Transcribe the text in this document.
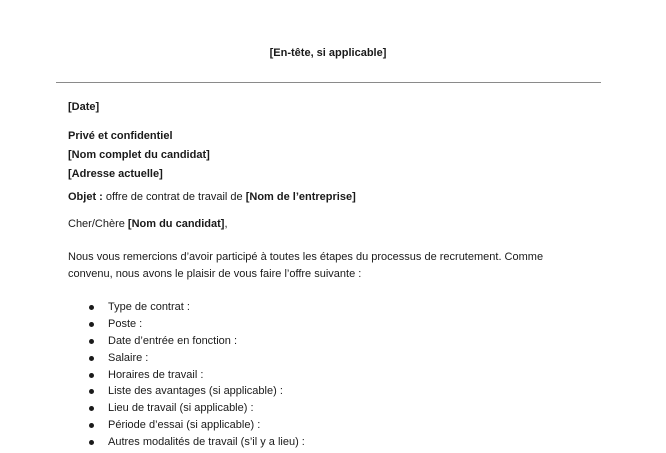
[En-tête, si applicable]
[Date]
Privé et confidentiel
[Nom complet du candidat]
[Adresse actuelle]
Objet : offre de contrat de travail de [Nom de l’entreprise]
Cher/Chère [Nom du candidat],
Nous vous remercions d’avoir participé à toutes les étapes du processus de recrutement. Comme convenu, nous avons le plaisir de vous faire l’offre suivante :
Type de contrat :
Poste :
Date d’entrée en fonction :
Salaire :
Horaires de travail :
Liste des avantages (si applicable) :
Lieu de travail (si applicable) :
Période d’essai (si applicable) :
Autres modalités de travail (s’il y a lieu) :
